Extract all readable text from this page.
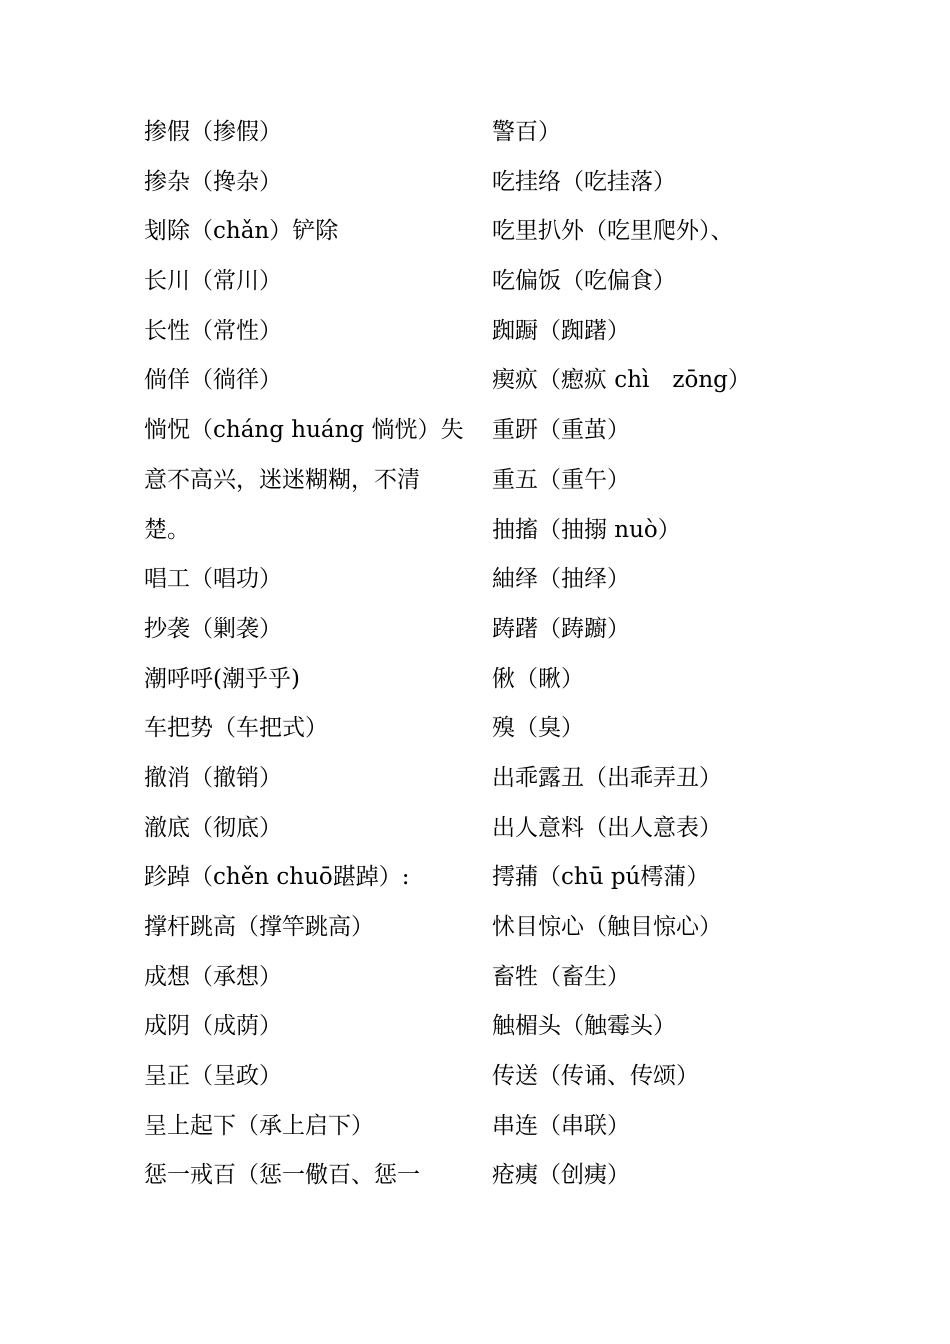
掺假（掺假）
掺杂（搀杂）
刬除（chǎn）铲除
长川（常川）
长性（常性）
倘佯（徜徉）
惝怳（cháng huáng 惝恍）失
意不高兴，迷迷糊糊，不清
楚。
唱工（唱功）
抄袭（剿袭）
潮呼呼(潮乎乎)
车把势（车把式）
撤消（撤销）
澈底（彻底）
跈踔（chěn chuō踸踔）:
撑杆跳高（撑竿跳高）
成想（承想）
成阴（成荫）
呈正（呈政）
呈上起下（承上启下）
惩一戒百（惩一儆百、惩一
警百）
吃挂络（吃挂落）
吃里扒外（吃里爬外）、
吃偏饭（吃偏食）
踟蹰（踟躇）
瘈疭（瘛疭 chì　zōng）
重趼（重茧）
重五（重午）
抽搐（抽搦 nuò）
紬绎（抽绎）
踌躇（踌躕）
偢（瞅）
殠（臭）
出乖露丑（出乖弄丑）
出人意料（出人意表）
摴蒱（chū pú樗蒲）
怵目惊心（触目惊心）
畜牲（畜生）
触楣头（触霉头）
传送（传诵、传颂）
串连（串联）
疮痍（创痍）
